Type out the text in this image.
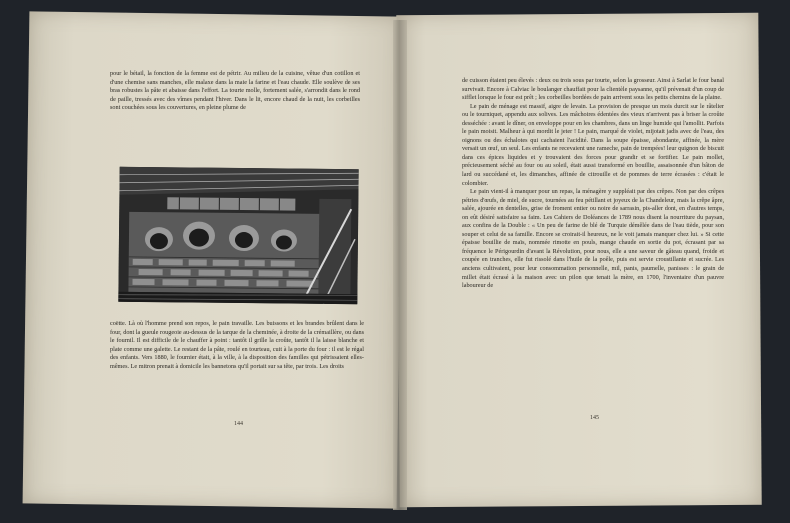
pour le bétail, la fonction de la femme est de pétrir. Au milieu de la cuisine, vêtue d'un cotillon et d'une chemise sans manches, elle malaxe dans la maie la farine et l'eau chaude. Elle soulève de ses bras robustes la pâte et abaisse dans l'effort. La tourte molle, fortement salée, s'arrondit dans le rond de paille, tressés avec des vîmes pendant l'hiver. Dans le lit, encore chaud de la nuit, les corbeilles sont couchées sous les couvertures, en pleine plume de

coëtte. Là où l'homme prend son repos, le pain travaille. Les buissons et les brandes brûlent dans le four, dont la gueule rougeoie au-dessus de la tarque de la cheminée, à droite de la crémaillère, ou dans le fournil. Il est difficile de le chauffer à point : tantôt il grille la croûte, tantôt il la laisse blanche et plate comme une galette. Le restant de la pâte, roulé en tourteau, cuit à la porte du four : il est le régal des enfants. Vers 1880, le fournier était, à la ville, à la disposition des familles qui pétrissaient elles-mêmes. Le mitron prenait à domicile les bannetons qu'il portait sur sa tête, par trois. Les droits

144

de cuisson étaient peu élevés : deux ou trois sous par tourte, selon la grosseur. Ainsi à Sarlat le four banal survivait. Encore à Calviac le boulanger chauffait pour la clientèle paysanne, qu'il prévenait d'un coup de sifflet lorsque le four est prêt ; les corbeilles bordées de pain arrivent sous les petits chemins de la plaine.

Le pain de ménage est massif, aigre de levain. La provision de presque un mois durcit sur le râtelier ou le tourniquet, appendu aux solives. Les mâchoires édentées des vieux n'arrivent pas à briser la croûte desséchée : avant le dîner, on enveloppe pour en les chambres, dans un linge humide qui l'amollit. Parfois le pain moisit. Malheur à qui mordit le jeter ! Le pain, marqué de violet, mijotait jadis avec de l'eau, des oignons ou des échalotes qui cachaient l'acidité. Dans la soupe épaisse, abondante, affinée, la mère versait un œuf, un seul. Les enfants ne recevaient une rameche, pain de trempées! leur quignon de biscuit dans ces épices liquides et y trouvaient des forces pour grandir et se fortifier. Le pain mollet, précieusement séché au four ou au soleil, était aussi transformé en bouillie, assaisonnée d'un bâton de lard ou succédané et, les dimanches, affinée de citrouille et de pommes de terre écrasées : c'était le colombier.

Le pain vient-il à manquer pour un repas, la ménagère y suppléait par des crêpes. Non par des crêpes pétries d'œufs, de miel, de sucre, tournées au feu pétillant et joyeux de la Chandeleur, mais la crêpe âpre, salée, ajourée en dentelles, grise de froment entier ou noire de sarrasin, pis-aller dont, en d'autres temps, on eût désiré satisfaire sa faim. Les Cahiers de Doléances de 1789 nous disent la nourriture du paysan, aux confins de la Double : « Un peu de farine de blé de Turquie démêlée dans de l'eau tiède, pour son souper et celui de sa famille. Encore se croirait-il heureux, ne le voit jamais manquer chez lui. » Si cette épaisse bouillie de maïs, nommée rimotte en pouls, mange chaude en sortie du pot, écrasant par sa fréquence le Périgourdin d'avant la Révolution, pour nous, elle a une saveur de gâteau quand, froide et coupée en tranches, elle fut rissolé dans l'huile de la poêle, puis est servie croustillante et sucrée. Les anciens cultivaient, pour leur consommation personnelle, mil, panis, paumelle, panisses : le grain de millet était écrasé à la maison avec un pilon que tenait la mère, en 1700, l'inventaire d'un pauvre laboureur de

145
